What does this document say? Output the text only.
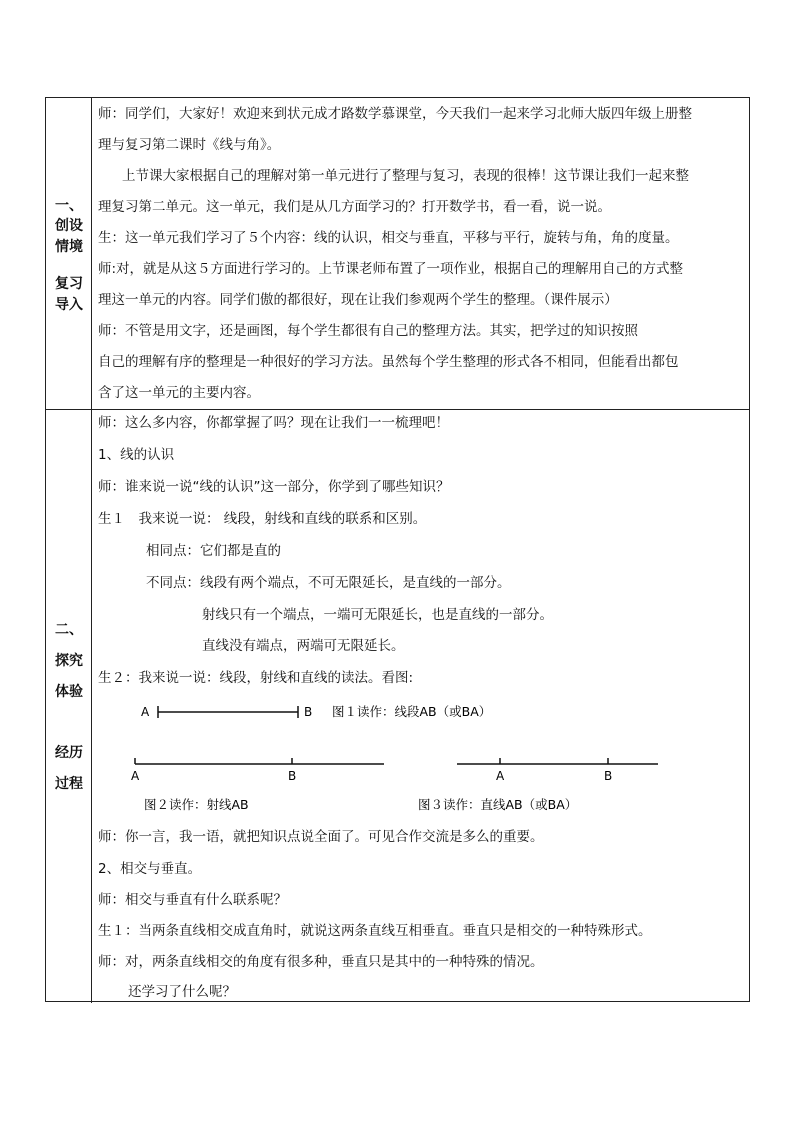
一、
创设
情境
复习
导入
师：同学们，大家好！欢迎来到状元成才路数学慕课堂，今天我们一起来学习北师大版四年级上册整
理与复习第二课时《线与角》。
上节课大家根据自己的理解对第一单元进行了整理与复习，表现的很棒！这节课让我们一起来整
理复习第二单元。这一单元，我们是从几方面学习的？打开数学书，看一看，说一说。
生：这一单元我们学习了５个内容：线的认识，相交与垂直，平移与平行，旋转与角，角的度量。
师:对，就是从这５方面进行学习的。上节课老师布置了一项作业，根据自己的理解用自己的方式整
理这一单元的内容。同学们傲的都很好，现在让我们参观两个学生的整理。（课件展示）
师：不管是用文字，还是画图，每个学生都很有自己的整理方法。其实，把学过的知识按照
自己的理解有序的整理是一种很好的学习方法。虽然每个学生整理的形式各不相同，但能看出都包
含了这一单元的主要内容。
二、
探究
体验
经历
过程
师：这么多内容，你都掌握了吗？现在让我们一一梳理吧！
1、线的认识
师：谁来说一说“线的认识”这一部分，你学到了哪些知识？
生１　我来说一说： 线段，射线和直线的联系和区别。
相同点：它们都是直的
不同点：线段有两个端点，不可无限延长，是直线的一部分。
射线只有一个端点，一端可无限延长，也是直线的一部分。
直线没有端点，两端可无限延长。
生２：我来说一说：线段，射线和直线的读法。看图:
A	B 图１读作：线段AB（或BA）
A	B
图２读作：射线AB
A	B
图３读作：直线AB（或BA）
师：你一言，我一语，就把知识点说全面了。可见合作交流是多么的重要。
2、相交与垂直。
师：相交与垂直有什么联系呢？
生１：当两条直线相交成直角时，就说这两条直线互相垂直。垂直只是相交的一种特殊形式。
师：对，两条直线相交的角度有很多种，垂直只是其中的一种特殊的情况。
还学习了什么呢？
